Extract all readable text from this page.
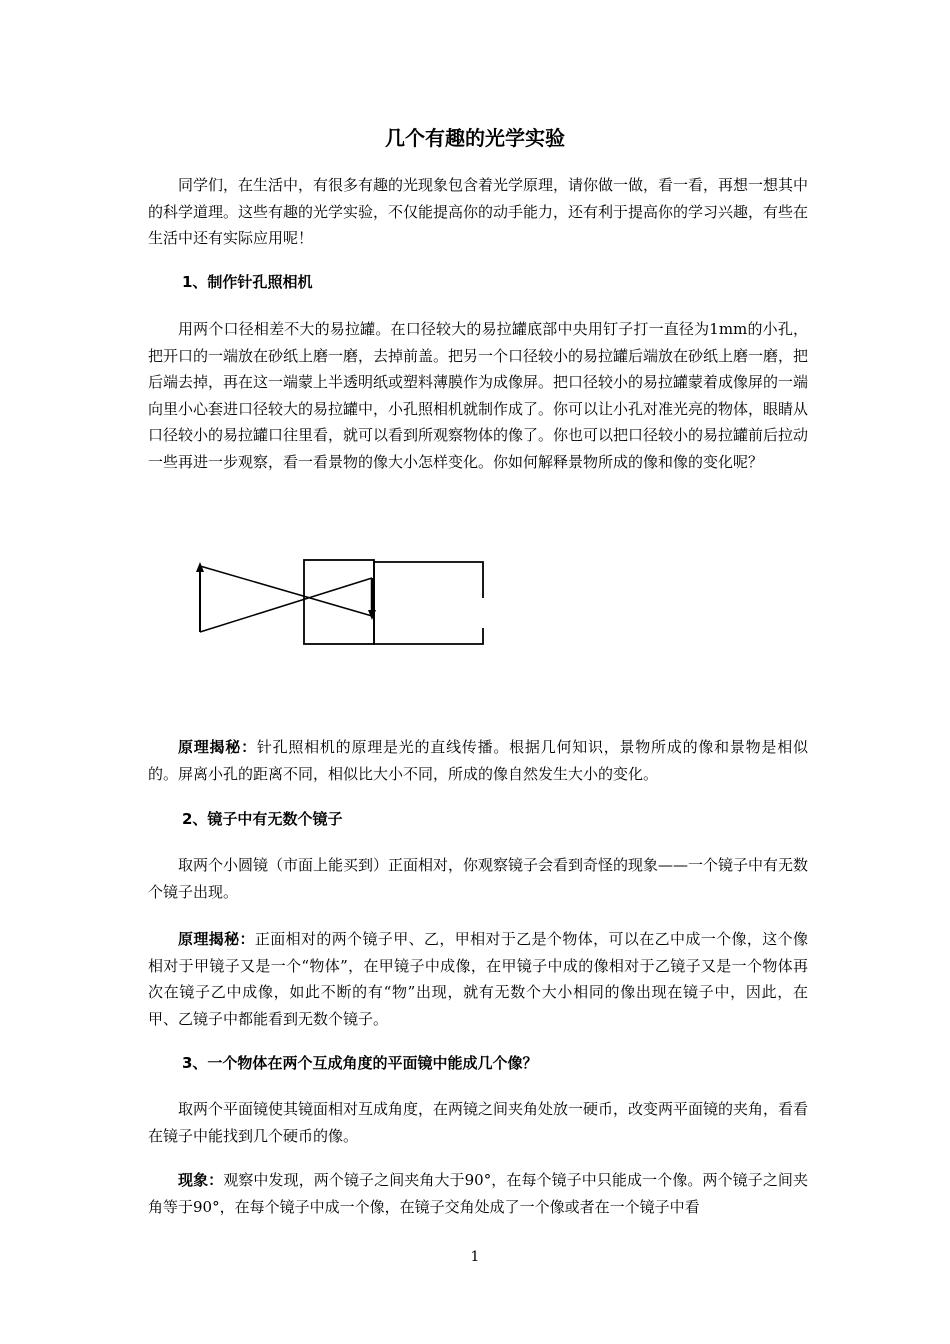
几个有趣的光学实验

同学们，在生活中，有很多有趣的光现象包含着光学原理，请你做一做，看一看，再想一想其中的科学道理。这些有趣的光学实验，不仅能提高你的动手能力，还有利于提高你的学习兴趣，有些在生活中还有实际应用呢！

1、制作针孔照相机

用两个口径相差不大的易拉罐。在口径较大的易拉罐底部中央用钉子打一直径为1mm的小孔，把开口的一端放在砂纸上磨一磨，去掉前盖。把另一个口径较小的易拉罐后端放在砂纸上磨一磨，把后端去掉，再在这一端蒙上半透明纸或塑料薄膜作为成像屏。把口径较小的易拉罐蒙着成像屏的一端向里小心套进口径较大的易拉罐中，小孔照相机就制作成了。你可以让小孔对准光亮的物体，眼睛从口径较小的易拉罐口往里看，就可以看到所观察物体的像了。你也可以把口径较小的易拉罐前后拉动一些再进一步观察，看一看景物的像大小怎样变化。你如何解释景物所成的像和像的变化呢？

原理揭秘：针孔照相机的原理是光的直线传播。根据几何知识，景物所成的像和景物是相似的。屏离小孔的距离不同，相似比大小不同，所成的像自然发生大小的变化。

2、镜子中有无数个镜子

取两个小圆镜（市面上能买到）正面相对，你观察镜子会看到奇怪的现象——一个镜子中有无数个镜子出现。

原理揭秘：正面相对的两个镜子甲、乙，甲相对于乙是个物体，可以在乙中成一个像，这个像相对于甲镜子又是一个“物体”，在甲镜子中成像，在甲镜子中成的像相对于乙镜子又是一个物体再次在镜子乙中成像，如此不断的有“物”出现，就有无数个大小相同的像出现在镜子中，因此，在甲、乙镜子中都能看到无数个镜子。

3、一个物体在两个互成角度的平面镜中能成几个像？

取两个平面镜使其镜面相对互成角度，在两镜之间夹角处放一硬币，改变两平面镜的夹角，看看在镜子中能找到几个硬币的像。

现象：观察中发现，两个镜子之间夹角大于90°，在每个镜子中只能成一个像。两个镜子之间夹角等于90°，在每个镜子中成一个像，在镜子交角处成了一个像或者在一个镜子中看

1
